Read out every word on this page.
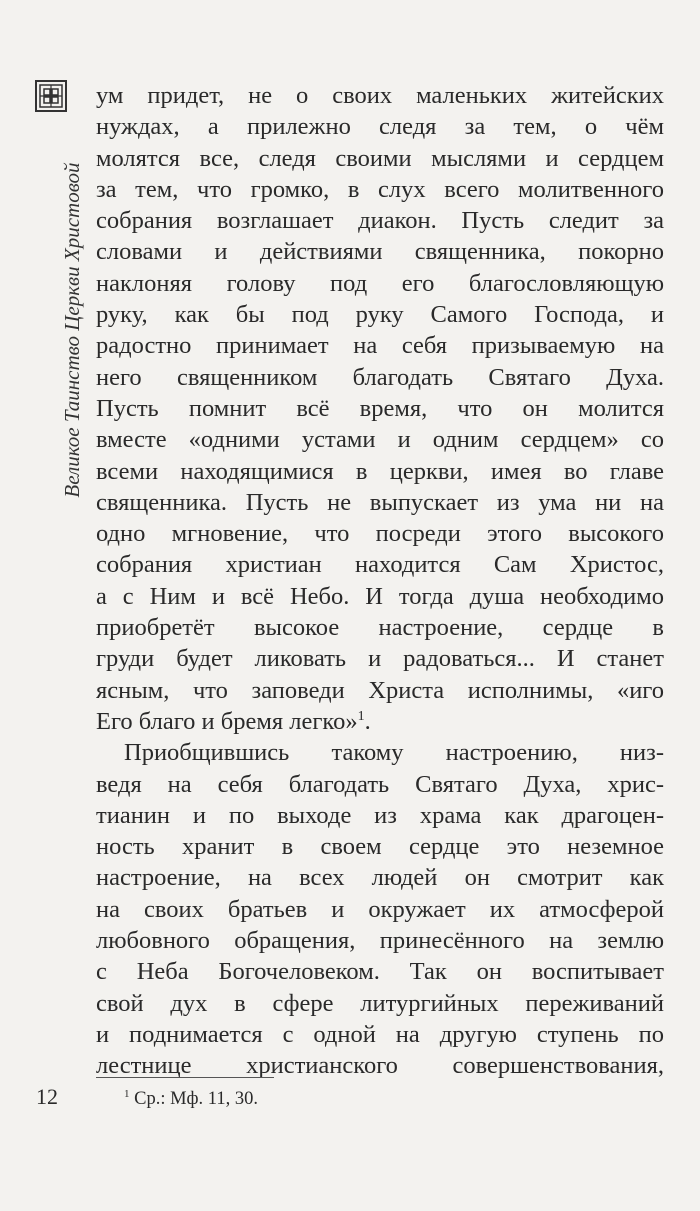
Великое Таинство Церкви Христовой
ум придет, не о своих маленьких житейских
нуждах, а прилежно следя за тем, о чём
молятся все, следя своими мыслями и сердцем
за тем, что громко, в слух всего молитвенного
собрания возглашает диакон. Пусть следит за
словами и действиями священника, покорно
наклоняя голову под его благословляющую
руку, как бы под руку Самого Господа, и
радостно принимает на себя призываемую на
него священником благодать Святаго Духа.
Пусть помнит всё время, что он молится
вместе «одними устами и одним сердцем» со
всеми находящимися в церкви, имея во главе
священника. Пусть не выпускает из ума ни на
одно мгновение, что посреди этого высокого
собрания христиан находится Сам Христос,
а с Ним и всё Небо. И тогда душа необходимо
приобретёт высокое настроение, сердце в
груди будет ликовать и радоваться... И станет
ясным, что заповеди Христа исполнимы, «иго
Его благо и бремя легко»$^1$.
Приобщившись такому настроению, низ-
ведя на себя благодать Святаго Духа, хрис-
тианин и по выходе из храма как драгоцен-
ность хранит в своем сердце это неземное
настроение, на всех людей он смотрит как
на своих братьев и окружает их атмосферой
любовного обращения, принесённого на землю
с Неба Богочеловеком. Так он воспитывает
свой дух в сфере литургийных переживаний
и поднимается с одной на другую ступень по
лестнице христианского совершенствования,
12	$^1$ Ср.: Мф. 11, 30.
